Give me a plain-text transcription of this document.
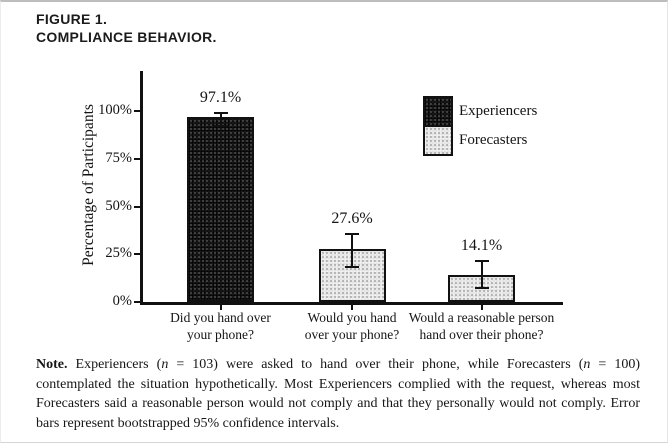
FIGURE 1.
COMPLIANCE BEHAVIOR.
0%
25%
50%
75%
100%
Percentage of Participants
97.1%
Did you hand over
your phone?
27.6%
Would you hand
over your phone?
14.1%
Would a reasonable person
hand over their phone?
Experiencers
Forecasters

Note. Experiencers (n = 103) were asked to hand over their phone, while Forecasters (n = 100) contemplated the situation hypothetically. Most Experiencers complied with the request, whereas most Forecasters said a reasonable person would not comply and that they personally would not comply. Error bars represent bootstrapped 95% confidence intervals.
